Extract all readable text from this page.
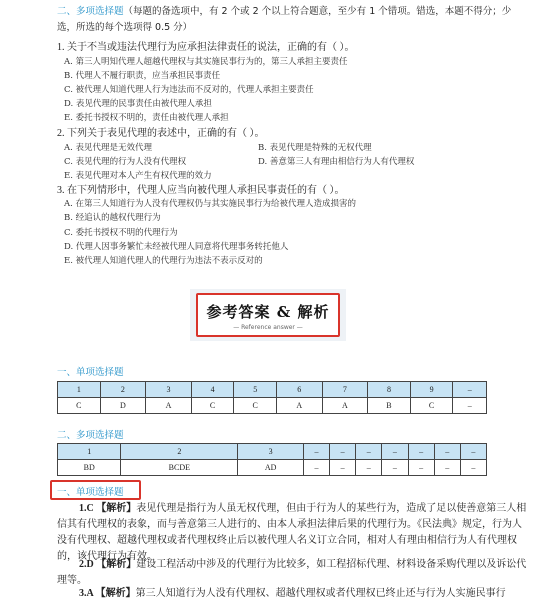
二、多项选择题（每题的备选项中，有 2 个或 2 个以上符合题意，至少有 1 个错项。错选，本题不得分；少选，所选的每个选项得 0.5 分）
1. 关于不当或违法代理行为应承担法律责任的说法，正确的有（ ）。
A. 第三人明知代理人超越代理权与其实施民事行为的，第三人承担主要责任
B. 代理人不履行职责，应当承担民事责任
C. 被代理人知道代理人行为违法而不反对的，代理人承担主要责任
D. 表见代理的民事责任由被代理人承担
E. 委托书授权不明的，责任由被代理人承担
2. 下列关于表见代理的表述中，正确的有（ ）。
A. 表见代理是无效代理	B. 表见代理是特殊的无权代理
C. 表见代理的行为人没有代理权	D. 善意第三人有理由相信行为人有代理权
E. 表见代理对本人产生有权代理的效力
3. 在下列情形中，代理人应当向被代理人承担民事责任的有（ ）。
A. 在第三人知道行为人没有代理权仍与其实施民事行为给被代理人造成损害的
B. 经追认的越权代理行为
C. 委托书授权不明的代理行为
D. 代理人因事务繁忙未经被代理人同意将代理事务转托他人
E. 被代理人知道代理人的代理行为违法不表示反对的
参考答案 & 解析
— Reference answer —
一、单项选择题
1	2	3	4	5	6	7	8	9	–
C	D	A	C	C	A	A	B	C	–
二、多项选择题
1	2	3	–	–	–	–	–	–	–
BD	BCDE	AD	–	–	–	–	–	–	–
一、单项选择题
1.C 【解析】表见代理是指行为人虽无权代理，但由于行为人的某些行为，造成了足以使善意第三人相信其有代理权的表象，而与善意第三人进行的、由本人承担法律后果的代理行为。《民法典》规定，行为人没有代理权、超越代理权或者代理权终止后以被代理人名义订立合同，相对人有理由相信行为人有代理权的，该代理行为有效。
2.D 【解析】建设工程活动中涉及的代理行为比较多，如工程招标代理、材料设备采购代理以及诉讼代理等。
3.A 【解析】第三人知道行为人没有代理权、超越代理权或者代理权已终止还与行为人实施民事行
